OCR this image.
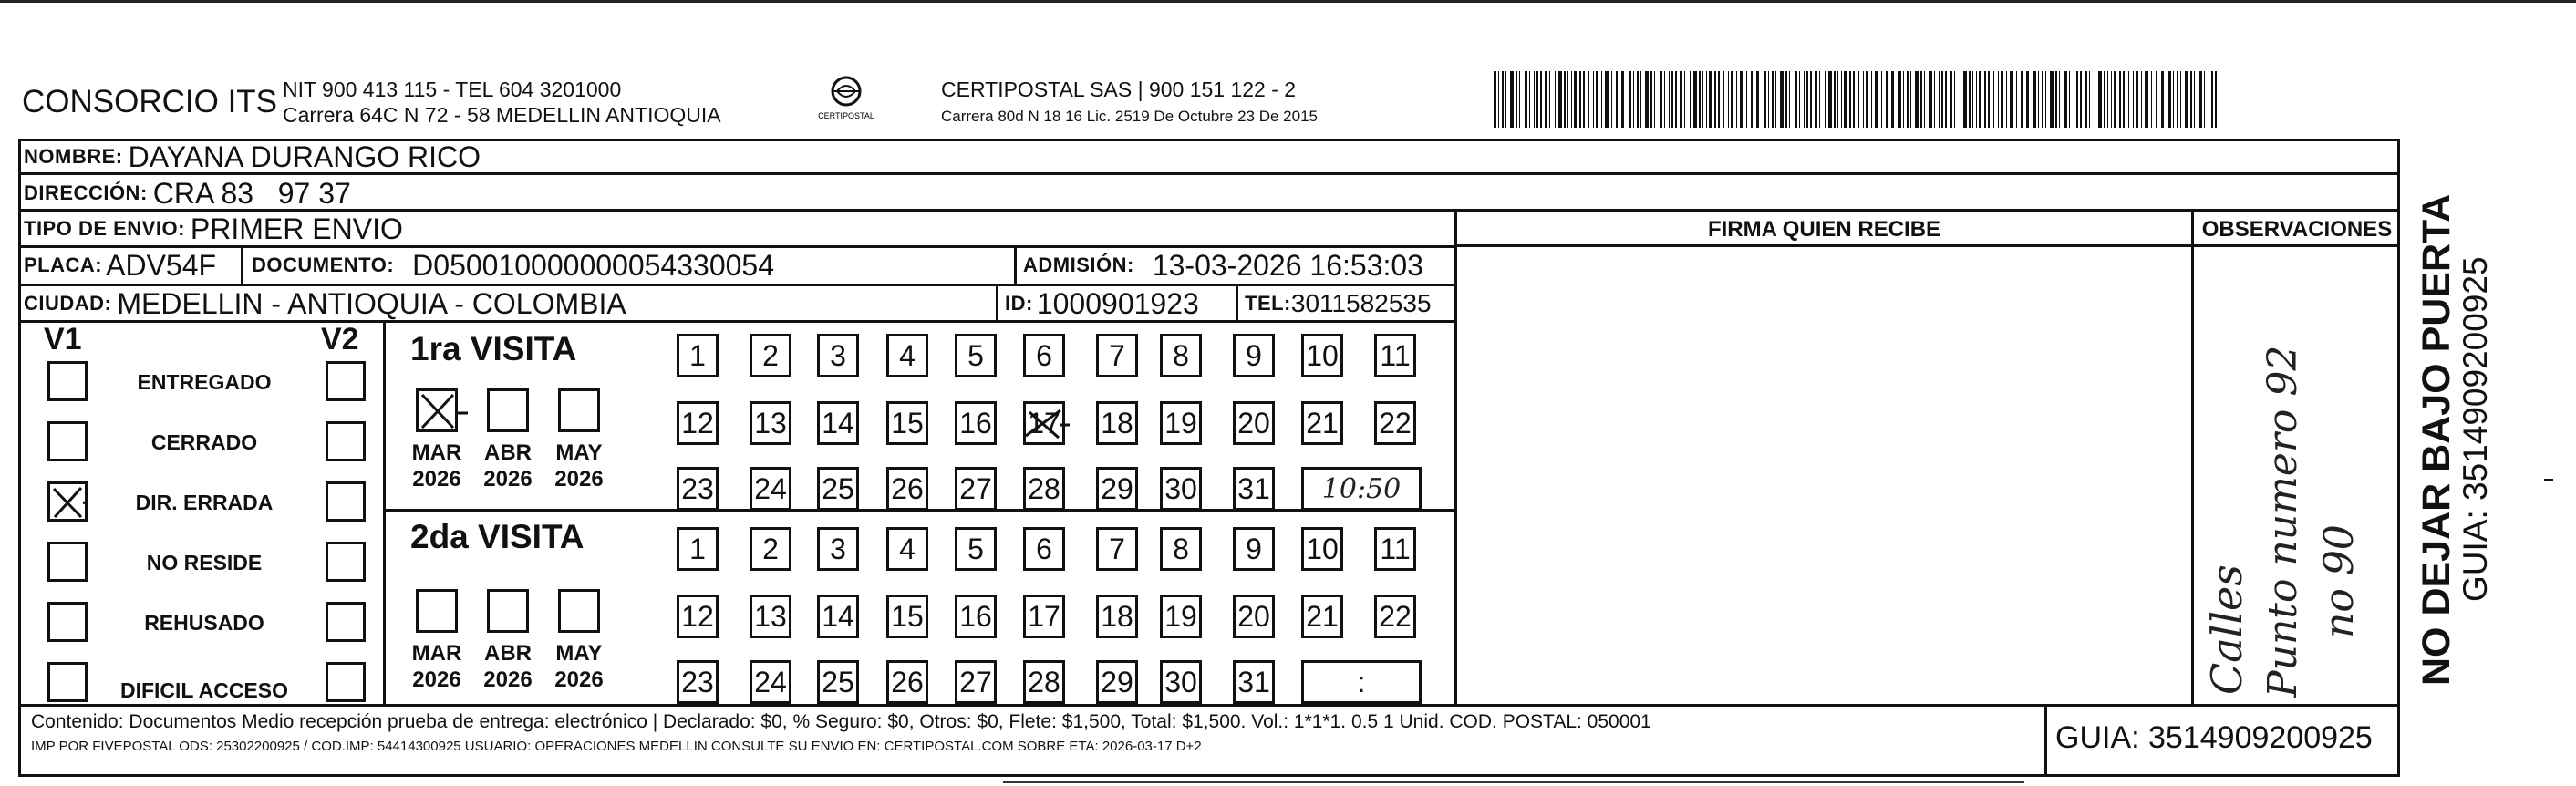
CONSORCIO ITS NIT 900 413 115 - TEL 604 3201000
Carrera 64C N 72 - 58 MEDELLIN ANTIOQUIA	CERTIPOSTAL
CERTIPOSTAL SAS | 900 151 122 - 2
Carrera 80d N 18 16 Lic. 2519 De Octubre 23 De 2015
NOMBRE: DAYANA DURANGO RICO
DIRECCIÓN: CRA 83   97 37
TIPO DE ENVIO: PRIMER ENVIO
PLACA: ADV54F DOCUMENTO: D050010000000054330054	ADMISIÓN: 13-03-2026 16:53:03
CIUDAD: MEDELLIN - ANTIOQUIA - COLOMBIA	ID: 1000901923 TEL: 3011582535
FIRMA QUIEN RECIBE	OBSERVACIONES
Calles Punto numero 92 no 90
V1	V2
ENTREGADO
CERRADO
DIR. ERRADA
NO RESIDE
REHUSADO
DIFICIL ACCESO
1ra VISITA
2da VISITA
1	2	3	4	5	6	7	8	9	10 11
12 13 14 15 16 17 18 19 20 21 22
23 24 25 26 27 28 29 30 31	10:50
MAR
2026
ABR
2026
MAY
2026
1	2	3	4	5	6	7	8	9	10 11
12 13 14 15 16 17 18 19 20 21 22
23 24 25 26 27 28 29 30 31	:
MAR
2026
ABR
2026
MAY
2026
Contenido: Documentos Medio recepción prueba de entrega: electrónico | Declarado: $0, % Seguro: $0, Otros: $0, Flete: $1,500, Total: $1,500. Vol.: 1*1*1. 0.5 1 Unid. COD. POSTAL: 050001
IMP POR FIVEPOSTAL ODS: 25302200925 / COD.IMP: 54414300925 USUARIO: OPERACIONES MEDELLIN CONSULTE SU ENVIO EN: CERTIPOSTAL.COM SOBRE ETA: 2026-03-17 D+2	GUIA: 3514909200925
NO DEJAR BAJO PUERTA
GUIA: 3514909200925
